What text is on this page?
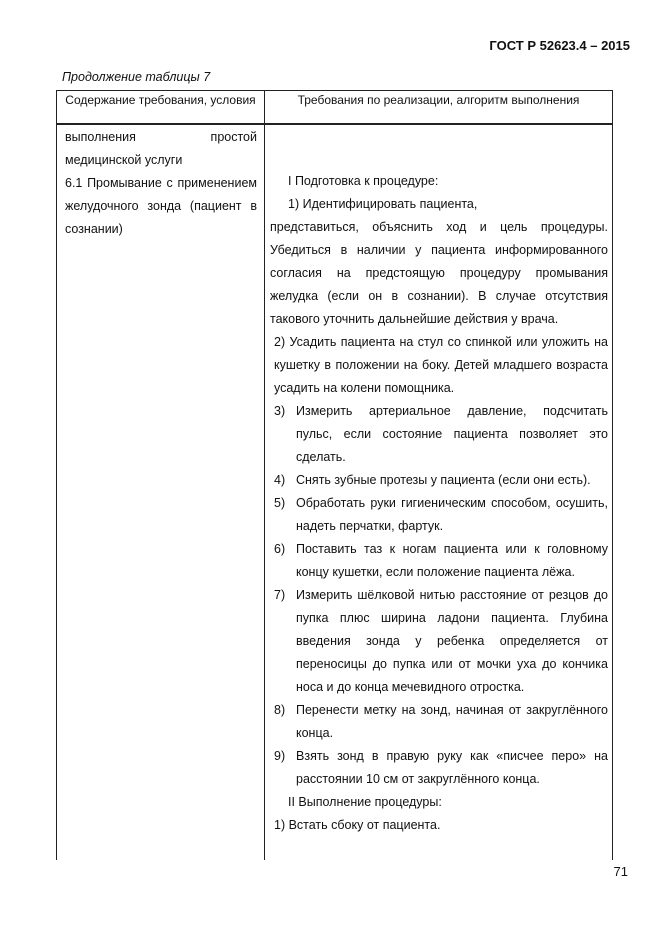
ГОСТ Р 52623.4 – 2015
Продолжение таблицы 7
Содержание требования, условия	Требования по реализации, алгоритм выполнения

выполнения простой медицинской услуги

6.1 Промывание с применением желудочного зонда (пациент в сознании)

I Подготовка к процедуре:
1) Идентифицировать пациента,
представиться, объяснить ход и цель процедуры. Убедиться в наличии у пациента информированного согласия на предстоящую процедуру промывания желудка (если он в сознании). В случае отсутствия такового уточнить дальнейшие действия у врача.
2) Усадить пациента на стул со спинкой или уложить на кушетку в положении на боку. Детей младшего возраста усадить на колени помощника.
3) Измерить артериальное давление, подсчитать пульс, если состояние пациента позволяет это сделать.
4) Снять зубные протезы у пациента (если они есть).
5) Обработать руки гигиеническим способом, осушить, надеть перчатки, фартук.
6) Поставить таз к ногам пациента или к головному концу кушетки, если положение пациента лёжа.
7) Измерить шёлковой нитью расстояние от резцов до пупка плюс ширина ладони пациента. Глубина введения зонда у ребенка определяется от переносицы до пупка или от мочки уха до кончика носа и до конца мечевидного отростка.
8) Перенести метку на зонд, начиная от закруглённого конца.
9) Взять зонд в правую руку как «писчее перо» на расстоянии 10 см от закруглённого конца.
II Выполнение процедуры:
1) Встать сбоку от пациента.
71
